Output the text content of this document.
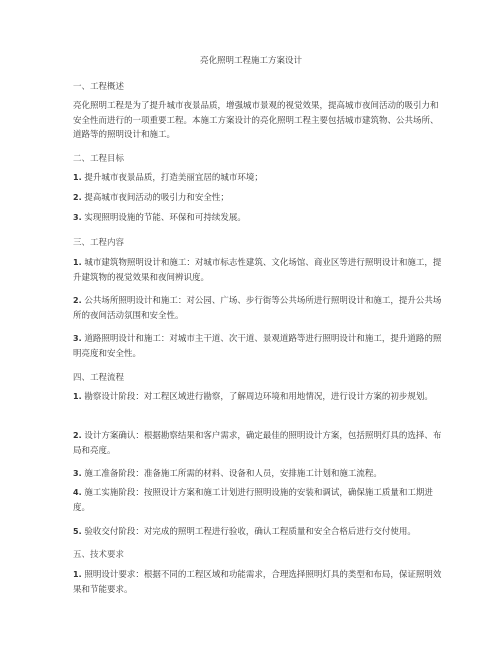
亮化照明工程施工方案设计
一、工程概述
亮化照明工程是为了提升城市夜景品质，增强城市景观的视觉效果，提高城市夜间活动的吸引力和安全性而进行的一项重要工程。本施工方案设计的亮化照明工程主要包括城市建筑物、公共场所、道路等的照明设计和施工。
二、工程目标
1. 提升城市夜景品质，打造美丽宜居的城市环境；
2. 提高城市夜间活动的吸引力和安全性；
3. 实现照明设施的节能、环保和可持续发展。
三、工程内容
1. 城市建筑物照明设计和施工：对城市标志性建筑、文化场馆、商业区等进行照明设计和施工，提升建筑物的视觉效果和夜间辨识度。
2. 公共场所照明设计和施工：对公园、广场、步行街等公共场所进行照明设计和施工，提升公共场所的夜间活动氛围和安全性。
3. 道路照明设计和施工：对城市主干道、次干道、景观道路等进行照明设计和施工，提升道路的照明亮度和安全性。
四、工程流程
1. 勘察设计阶段：对工程区域进行勘察，了解周边环境和用地情况，进行设计方案的初步规划。
2. 设计方案确认：根据勘察结果和客户需求，确定最佳的照明设计方案，包括照明灯具的选择、布局和亮度。
3. 施工准备阶段：准备施工所需的材料、设备和人员，安排施工计划和施工流程。
4. 施工实施阶段：按照设计方案和施工计划进行照明设施的安装和调试，确保施工质量和工期进度。
5. 验收交付阶段：对完成的照明工程进行验收，确认工程质量和安全合格后进行交付使用。
五、技术要求
1. 照明设计要求：根据不同的工程区域和功能需求，合理选择照明灯具的类型和布局，保证照明效果和节能要求。
